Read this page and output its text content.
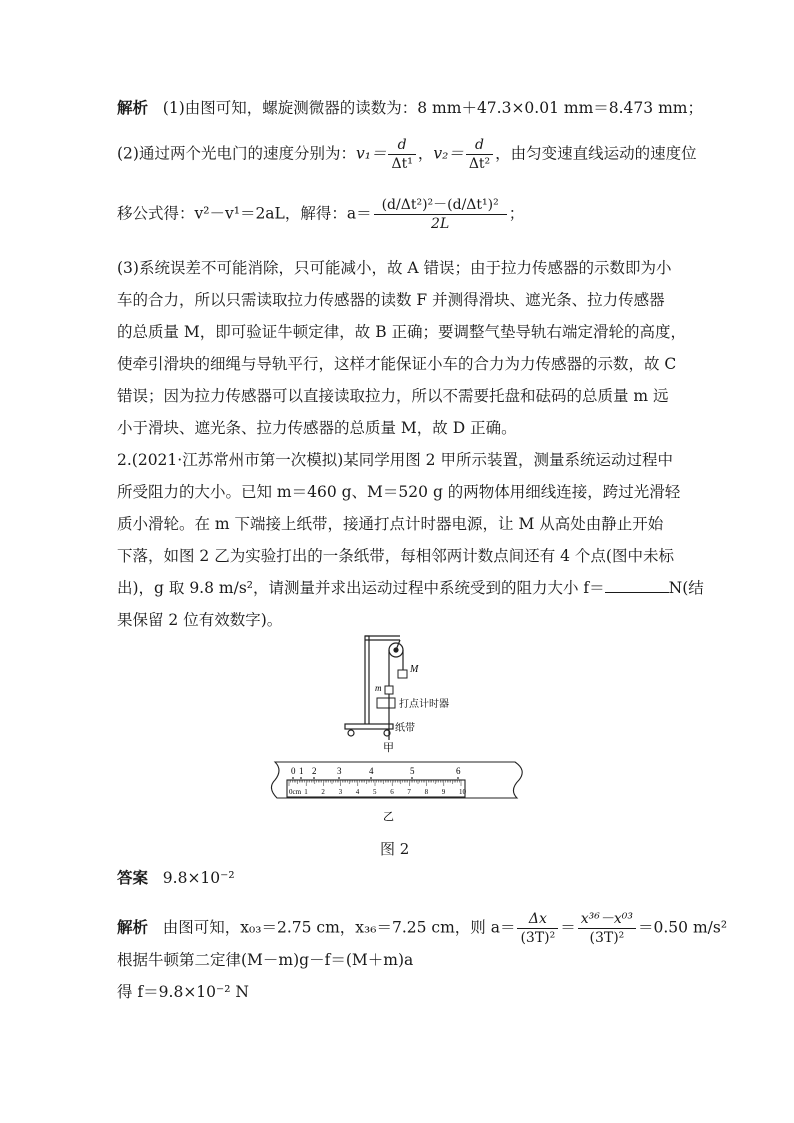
解析 (1)由图可知，螺旋测微器的读数为：8 mm＋47.3×0.01 mm＝8.473 mm；
(2)通过两个光电门的速度分别为：$v_1= \frac{d}{\text{Δt¹}}$ ，$v_2= \frac{d}{\text{Δt²}}$ ，由匀变速直线运动的速度位
移公式得：v²－v¹＝2aL，解得：$a= \frac{\text{(d/Δt²)²－(d/Δt¹)²}}{2L}$ ；
(3)系统误差不可能消除，只可能减小，故 A 错误；由于拉力传感器的示数即为小
车的合力，所以只需读取拉力传感器的读数 F 并测得滑块、遮光条、拉力传感器
的总质量 M，即可验证牛顿定律，故 B 正确；要调整气垫导轨右端定滑轮的高度，
使牵引滑块的细绳与导轨平行，这样才能保证小车的合力为力传感器的示数，故 C
错误；因为拉力传感器可以直接读取拉力，所以不需要托盘和砝码的总质量 m 远
小于滑块、遮光条、拉力传感器的总质量 M，故 D 正确。
2.(2021·江苏常州市第一次模拟)某同学用图 2 甲所示装置，测量系统运动过程中
所受阻力的大小。已知 m＝460 g、M＝520 g 的两物体用细线连接，跨过光滑轻
质小滑轮。在 m 下端接上纸带，接通打点计时器电源，让 M 从高处由静止开始
下落，如图 2 乙为实验打出的一条纸带，每相邻两计数点间还有 4 个点(图中未标
出)，g 取 9.8 m/s²，请测量并求出运动过程中系统受到的阻力大小 f＝	N(结
果保留 2 位有效数字)。
M
m
打点计时器
纸带
甲
0 1 2 3	4	5	6
0cm 1 2 3 4 5 6 7 8 9 10
乙
图 2
答案 9.8×10⁻²
解析 由图可知，x₀₃＝2.75 cm，x₃₆＝7.25 cm，则 $a= \frac{\Delta x}{\text{(3T)²}} = \frac{\text{x³⁶－x⁰³}}{\text{(3T)²}} =0.50$ m/s²
根据牛顿第二定律(M－m)g－f＝(M＋m)a
得 f＝9.8×10⁻² N
